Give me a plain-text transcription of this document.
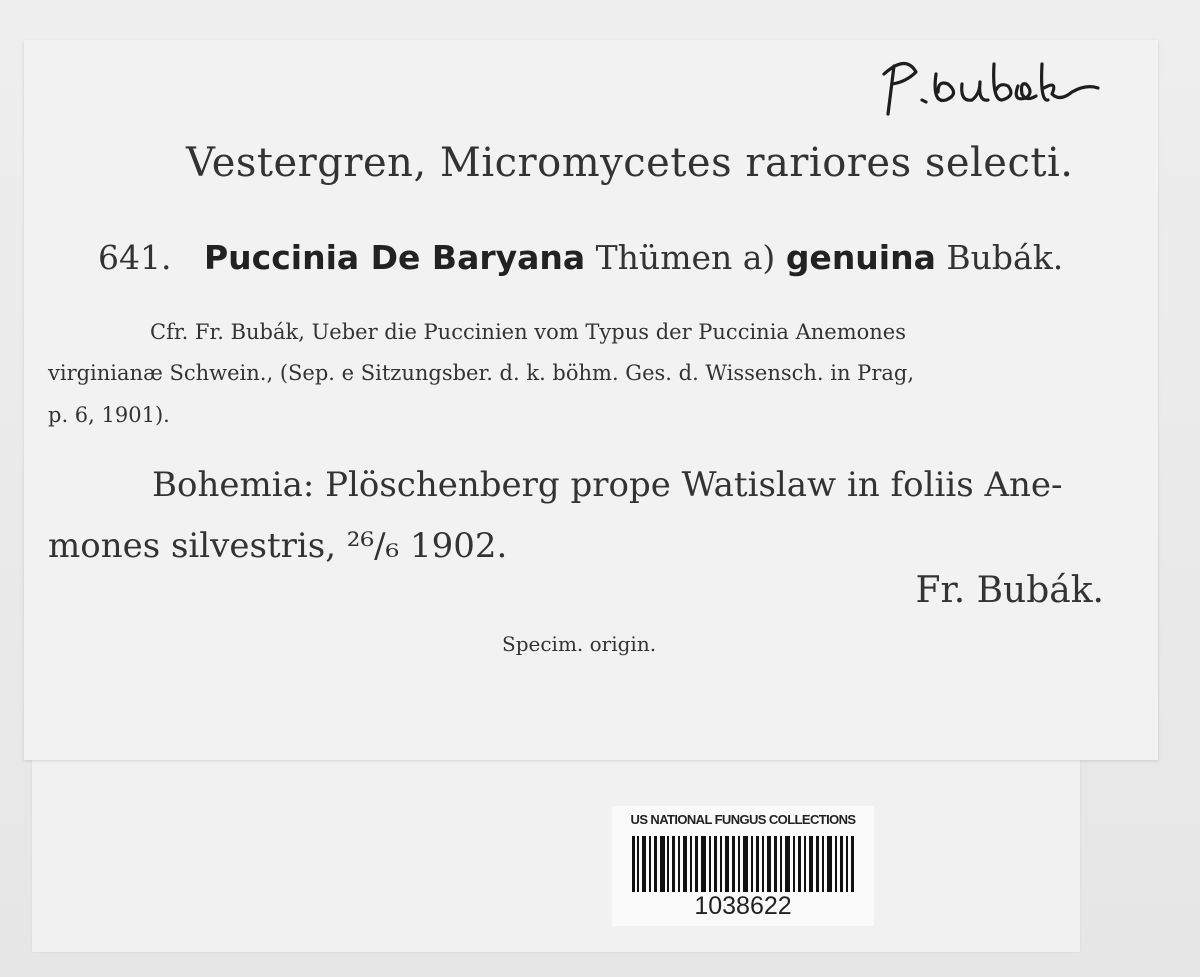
Vestergren, Micromycetes rariores selecti.
641. Puccinia De Baryana Thümen a) genuina Bubák.
Cfr. Fr. Bubák, Ueber die Puccinien vom Typus der Puccinia Anemones
virginianæ Schwein., (Sep. e Sitzungsber. d. k. böhm. Ges. d. Wissensch. in Prag,
p. 6, 1901).
Bohemia: Plöschenberg prope Watislaw in foliis Ane-
mones silvestris, ²⁶/₆ 1902.
Fr. Bubák.
Specim. origin.
US NATIONAL FUNGUS COLLECTIONS
1038622
